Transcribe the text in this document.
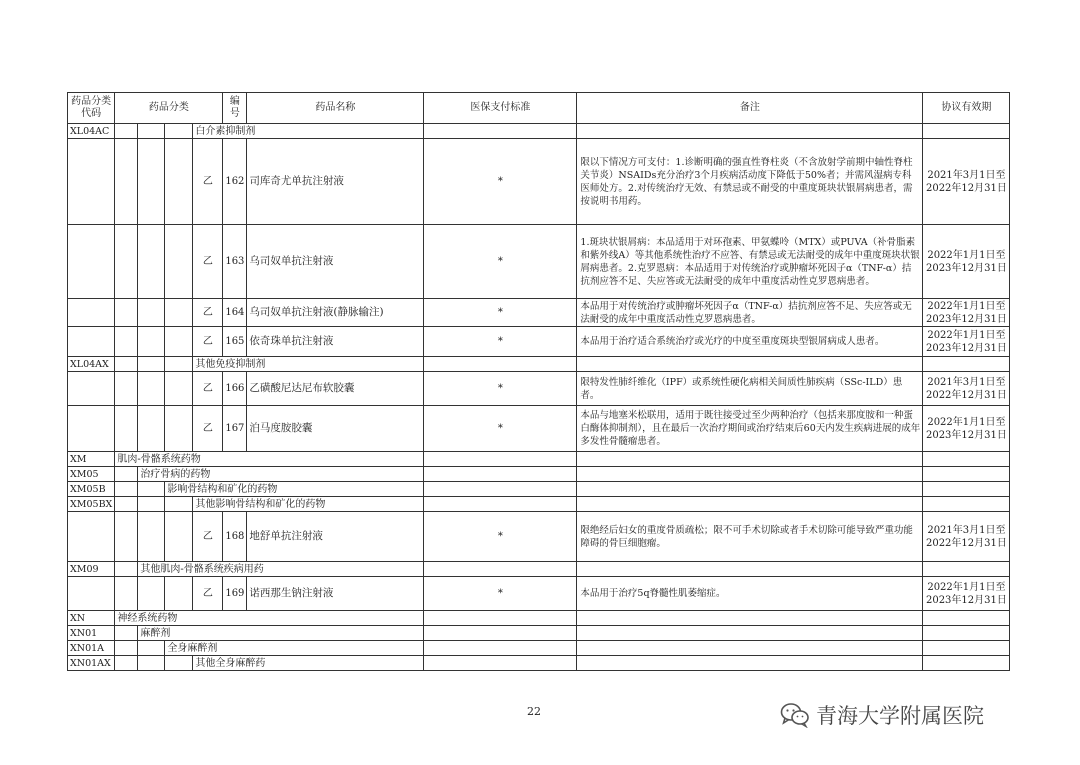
药品分类代码	药品分类				编号	药品名称	医保支付标准	备注	协议有效期
XL04AC				白介素抑制剂					
				乙	162	司库奇尤单抗注射液	*	限以下情况方可支付：1.诊断明确的强直性脊柱炎（不含放射学前期中轴性脊柱关节炎）NSAIDs充分治疗3个月疾病活动度下降低于50%者；并需风湿病专科医师处方。2.对传统治疗无效、有禁忌或不耐受的中重度斑块状银屑病患者，需按说明书用药。	2021年3月1日至2022年12月31日
				乙	163	乌司奴单抗注射液	*	1.斑块状银屑病：本品适用于对环孢素、甲氨蝶呤（MTX）或PUVA（补骨脂素和紫外线A）等其他系统性治疗不应答、有禁忌或无法耐受的成年中重度斑块状银屑病患者。2.克罗恩病：本品适用于对传统治疗或肿瘤坏死因子α（TNF-α）拮抗剂应答不足、失应答或无法耐受的成年中重度活动性克罗恩病患者。	2022年1月1日至2023年12月31日
				乙	164	乌司奴单抗注射液(静脉输注)	*	本品用于对传统治疗或肿瘤坏死因子α（TNF-α）拮抗剂应答不足、失应答或无法耐受的成年中重度活动性克罗恩病患者。	2022年1月1日至2023年12月31日
				乙	165	依奇珠单抗注射液	*	本品用于治疗适合系统治疗或光疗的中度至重度斑块型银屑病成人患者。	2022年1月1日至2023年12月31日
XL04AX				其他免疫抑制剂					
				乙	166	乙磺酸尼达尼布软胶囊	*	限特发性肺纤维化（IPF）或系统性硬化病相关间质性肺疾病（SSc-ILD）患者。	2021年3月1日至2022年12月31日
				乙	167	泊马度胺胶囊	*	本品与地塞米松联用，适用于既往接受过至少两种治疗（包括来那度胺和一种蛋白酶体抑制剂），且在最后一次治疗期间或治疗结束后60天内发生疾病进展的成年多发性骨髓瘤患者。	2022年1月1日至2023年12月31日
XM	肌肉-骨骼系统药物								
XM05		治疗骨病的药物							
XM05B			影响骨结构和矿化的药物						
XM05BX				其他影响骨结构和矿化的药物					
				乙	168	地舒单抗注射液	*	限绝经后妇女的重度骨质疏松；限不可手术切除或者手术切除可能导致严重功能障碍的骨巨细胞瘤。	2021年3月1日至2022年12月31日
XM09		其他肌肉-骨骼系统疾病用药							
				乙	169	诺西那生钠注射液	*	本品用于治疗5q脊髓性肌萎缩症。	2022年1月1日至2023年12月31日
XN	神经系统药物								
XN01		麻醉剂							
XN01A			全身麻醉剂						
XN01AX				其他全身麻醉药					
22	青海大学附属医院
